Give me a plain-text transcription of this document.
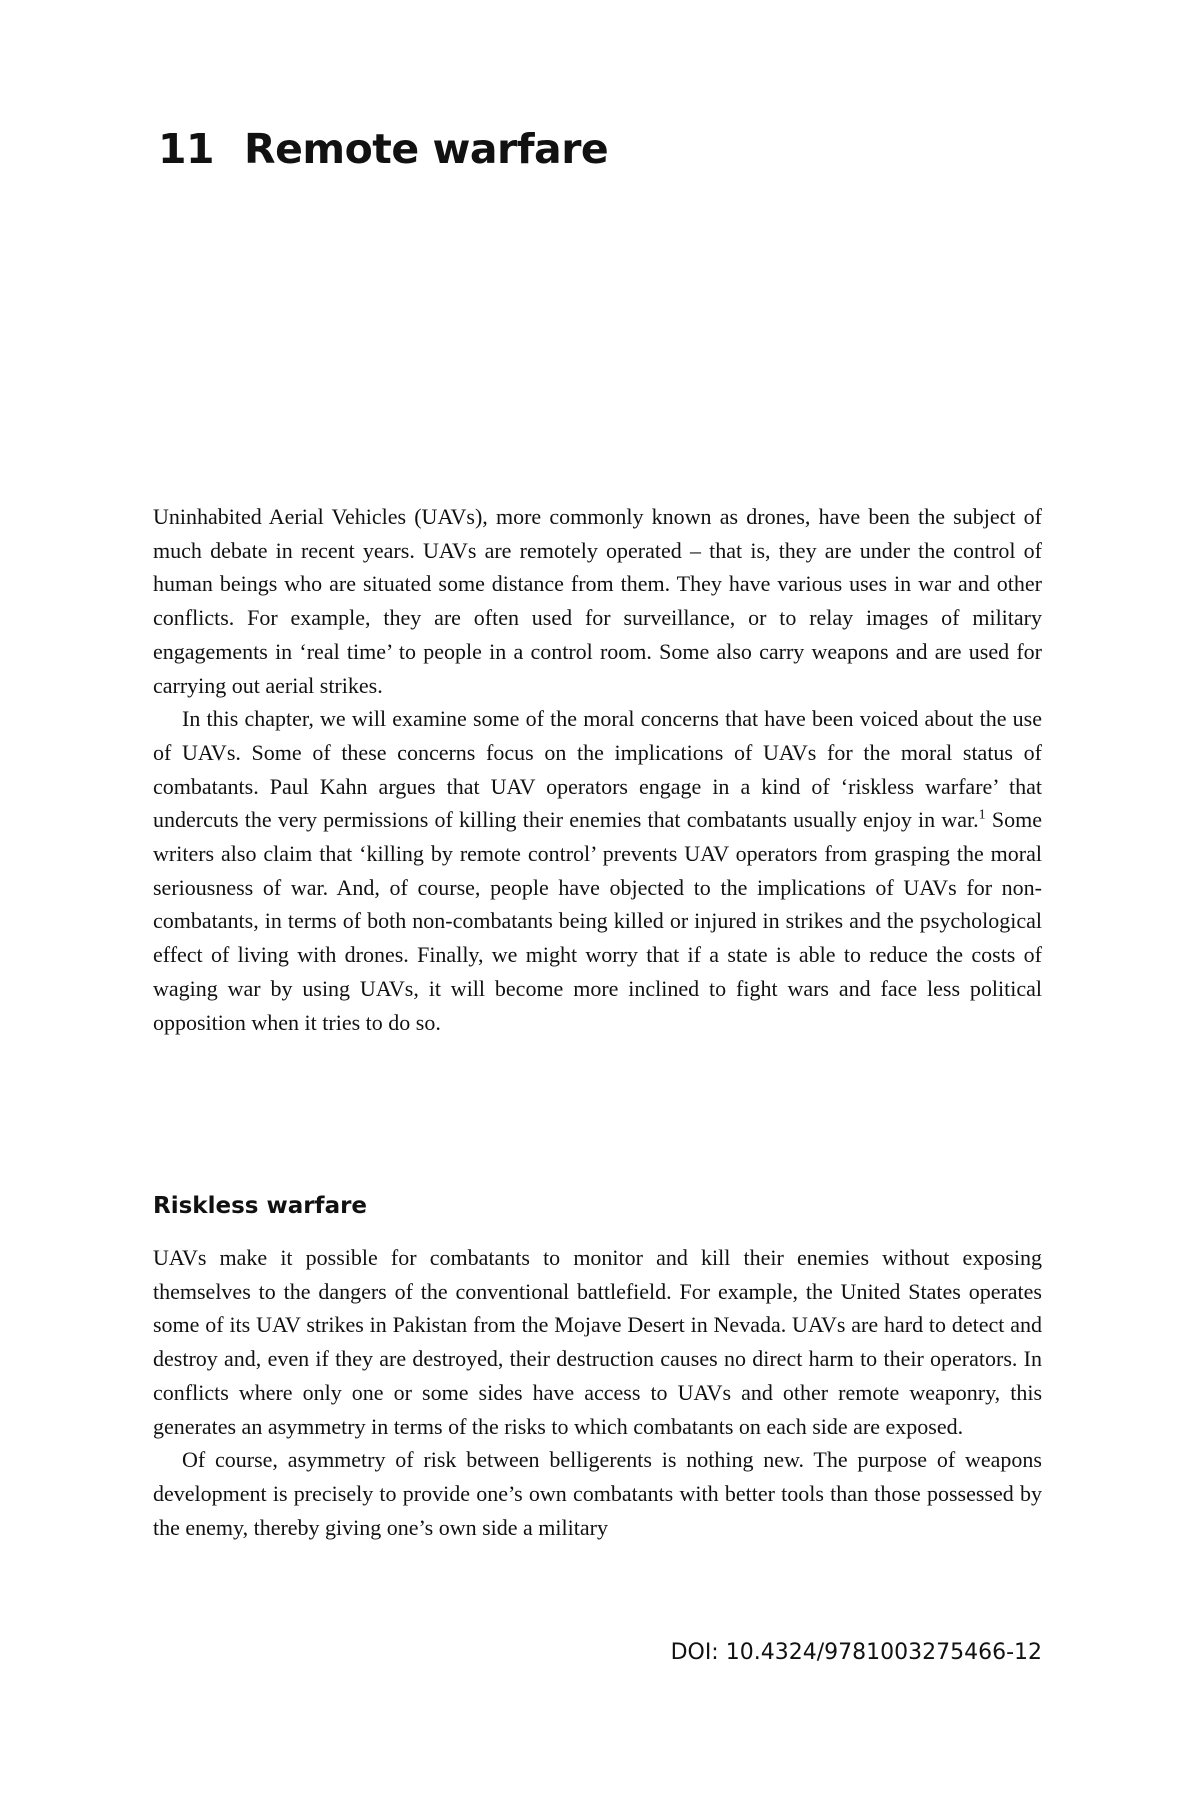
11 Remote warfare

Uninhabited Aerial Vehicles (UAVs), more commonly known as drones, have been the subject of much debate in recent years. UAVs are remotely operated – that is, they are under the control of human beings who are situated some distance from them. They have various uses in war and other conflicts. For example, they are often used for surveillance, or to relay images of military engagements in ‘real time’ to people in a control room. Some also carry weapons and are used for carrying out aerial strikes.

In this chapter, we will examine some of the moral concerns that have been voiced about the use of UAVs. Some of these concerns focus on the implications of UAVs for the moral status of combatants. Paul Kahn argues that UAV operators engage in a kind of ‘riskless warfare’ that undercuts the very permissions of killing their enemies that combatants usually enjoy in war.$^1$ Some writers also claim that ‘killing by remote control’ prevents UAV operators from grasping the moral seriousness of war. And, of course, people have objected to the implications of UAVs for non-combatants, in terms of both non-combatants being killed or injured in strikes and the psychological effect of living with drones. Finally, we might worry that if a state is able to reduce the costs of waging war by using UAVs, it will become more inclined to fight wars and face less political opposition when it tries to do so.

Riskless warfare

UAVs make it possible for combatants to monitor and kill their enemies without exposing themselves to the dangers of the conventional battlefield. For example, the United States operates some of its UAV strikes in Pakistan from the Mojave Desert in Nevada. UAVs are hard to detect and destroy and, even if they are destroyed, their destruction causes no direct harm to their operators. In conflicts where only one or some sides have access to UAVs and other remote weaponry, this generates an asymmetry in terms of the risks to which combatants on each side are exposed.

Of course, asymmetry of risk between belligerents is nothing new. The purpose of weapons development is precisely to provide one’s own combatants with better tools than those possessed by the enemy, thereby giving one’s own side a military

DOI: 10.4324/9781003275466-12
